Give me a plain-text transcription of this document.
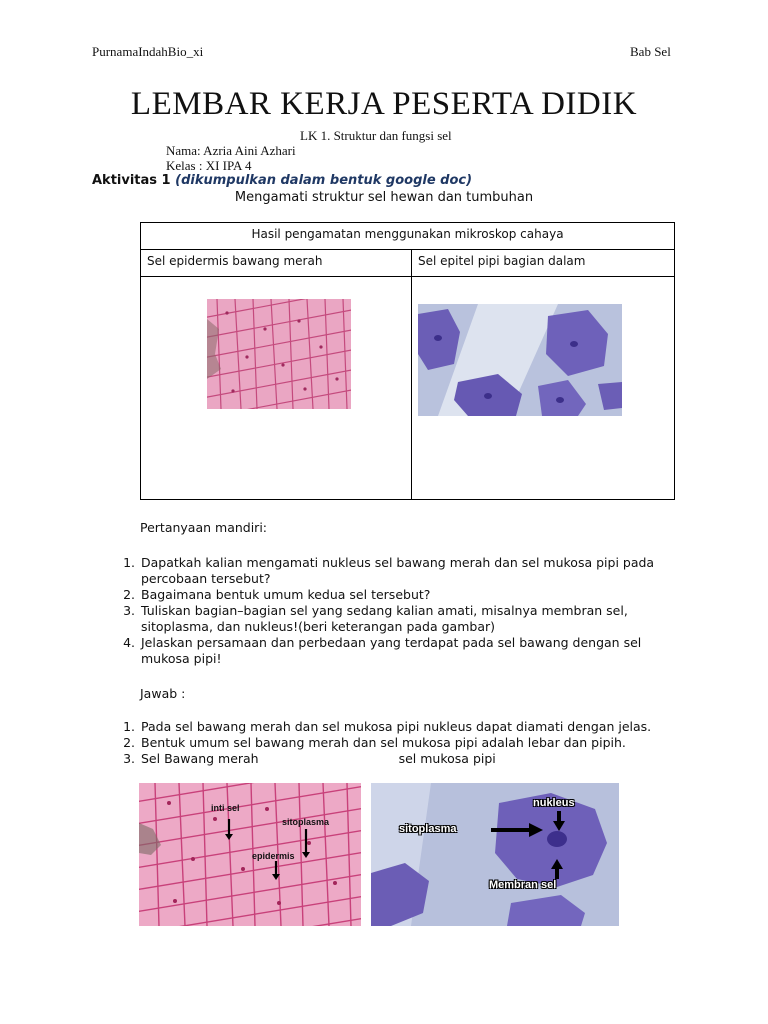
PurnamaIndahBio_xi	Bab Sel
LEMBAR KERJA PESERTA DIDIK
LK 1. Struktur dan fungsi sel
Nama: Azria Aini Azhari
Kelas : XI IPA 4
Aktivitas 1 (dikumpulkan dalam bentuk google doc)
Mengamati struktur sel hewan dan tumbuhan
Hasil pengamatan menggunakan mikroskop cahaya	
Sel epidermis bawang merah	Sel epitel pipi bagian dalam

Pertanyaan mandiri:
1. Dapatkah kalian mengamati nukleus sel bawang merah dan sel mukosa pipi pada percobaan tersebut?
2. Bagaimana bentuk umum kedua sel tersebut?
3. Tuliskan bagian–bagian sel yang sedang kalian amati, misalnya membran sel, sitoplasma, dan nukleus!(beri keterangan pada gambar)
4. Jelaskan persamaan dan perbedaan yang terdapat pada sel bawang dengan sel mukosa pipi!
Jawab :
1. Pada sel bawang merah dan sel mukosa pipi nukleus dapat diamati dengan jelas.
2. Bentuk umum sel bawang merah dan sel mukosa pipi adalah lebar dan pipih.
3. Sel Bawang merah	sel mukosa pipi
inti sel
sitoplasma
epidermis
nukleus
sitoplasma
Membran sel
